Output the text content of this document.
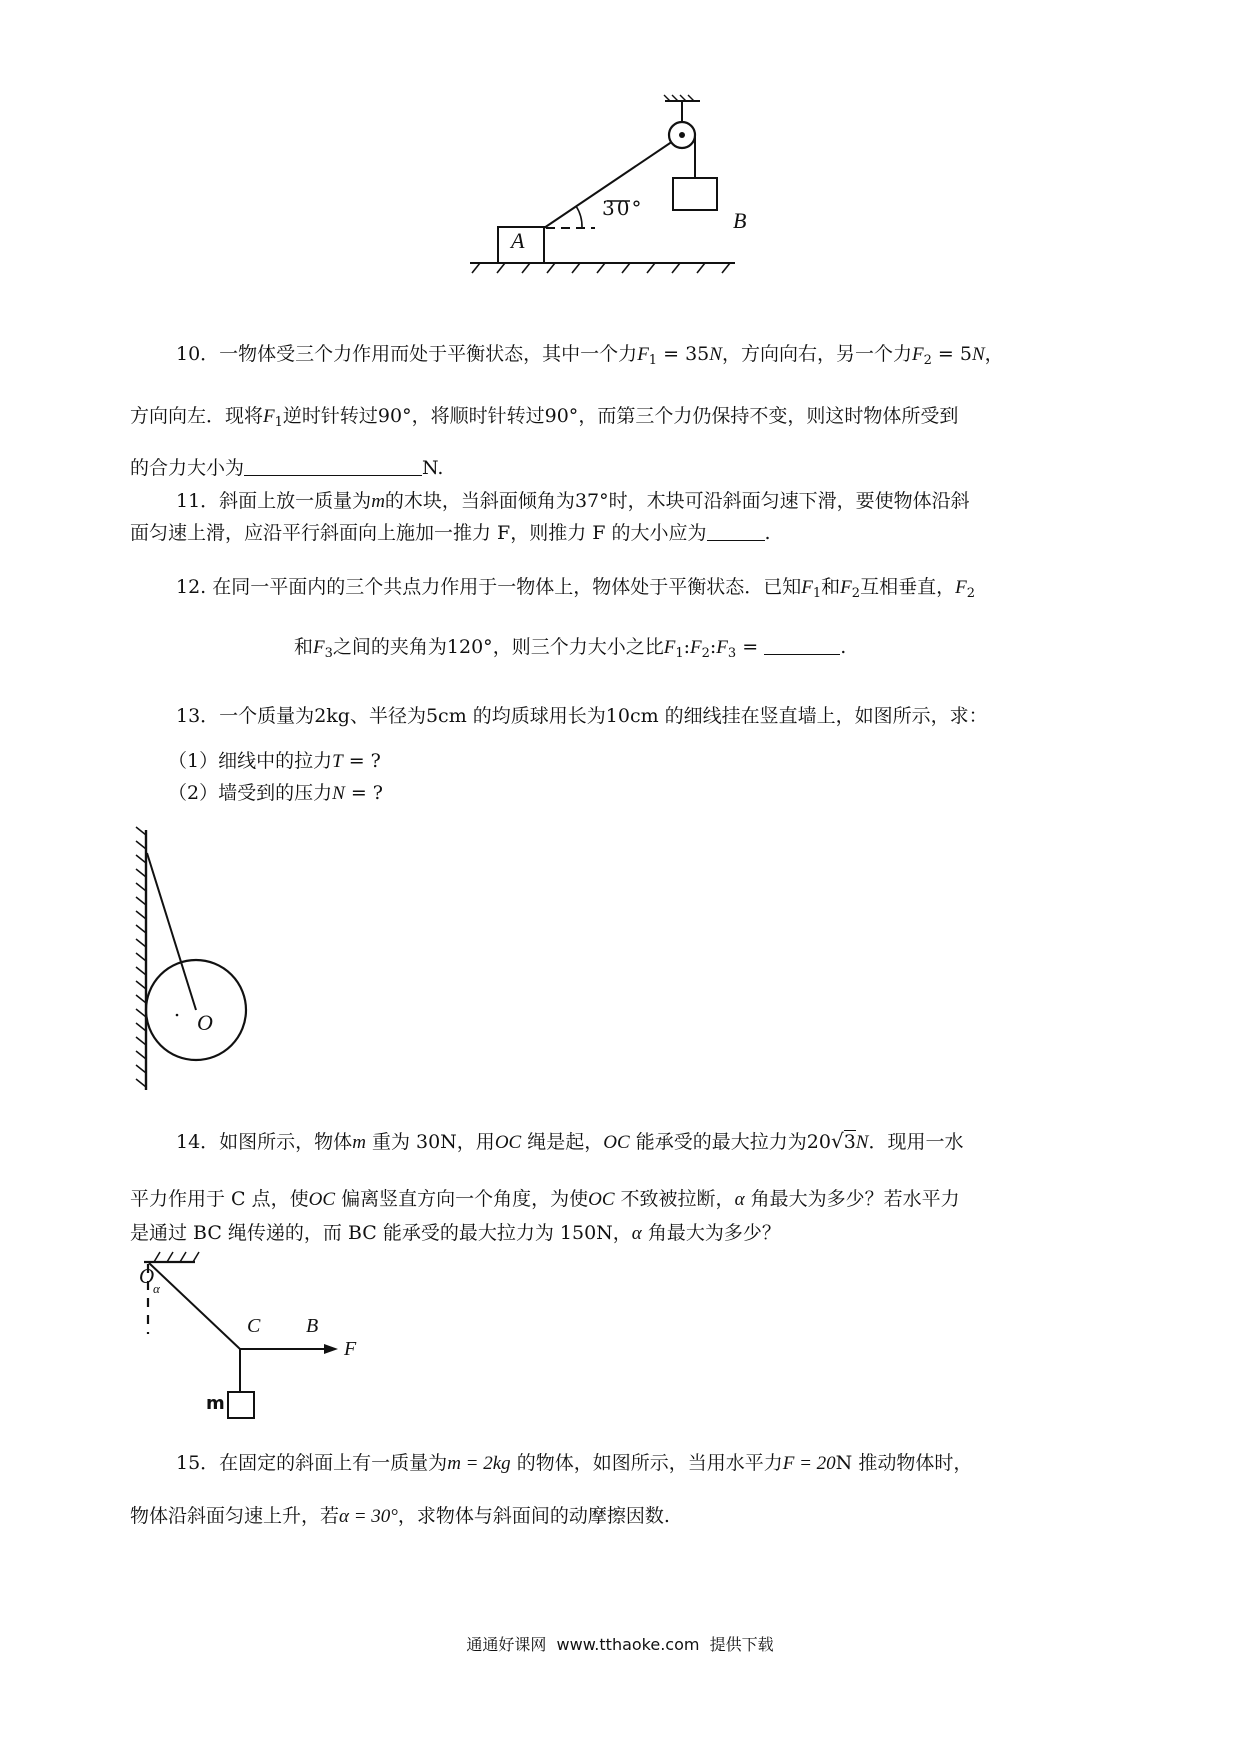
A
B
30°
10．一物体受三个力作用而处于平衡状态，其中一个力$F_1 = 35N$，方向向右，另一个力$F_2 = 5N$，
方向向左．现将$F_1$逆时针转过90°，将顺时针转过90°，而第三个力仍保持不变，则这时物体所受到
的合力大小为	N.
11．斜面上放一质量为m的木块，当斜面倾角为37°时，木块可沿斜面匀速下滑，要使物体沿斜
面匀速上滑，应沿平行斜面向上施加一推力 F，则推力 F 的大小应为	.
12. 在同一平面内的三个共点力作用于一物体上，物体处于平衡状态．已知$F_1$和$F_2$互相垂直，$F_2$
和$F_3$之间的夹角为120°，则三个力大小之比$F_1:F_2:F_3$ =	.
13．一个质量为2kg、半径为5cm 的均质球用长为10cm 的细线挂在竖直墙上，如图所示，求：
（1）细线中的拉力T = ?
（2）墙受到的压力N = ?
O
14．如图所示，物体m 重为 30N，用OC 绳是起，OC 能承受的最大拉力为20√3N．现用一水
平力作用于 C 点，使OC 偏离竖直方向一个角度，为使OC 不致被拉断，α 角最大为多少？若水平力
是通过 BC 绳传递的，而 BC 能承受的最大拉力为 150N，α 角最大为多少？
O
α
C B
F
m
15．在固定的斜面上有一质量为m = 2kg 的物体，如图所示，当用水平力F = 20N 推动物体时，
物体沿斜面匀速上升，若α = 30°，求物体与斜面间的动摩擦因数.
通通好课网  www.tthaoke.com  提供下载
